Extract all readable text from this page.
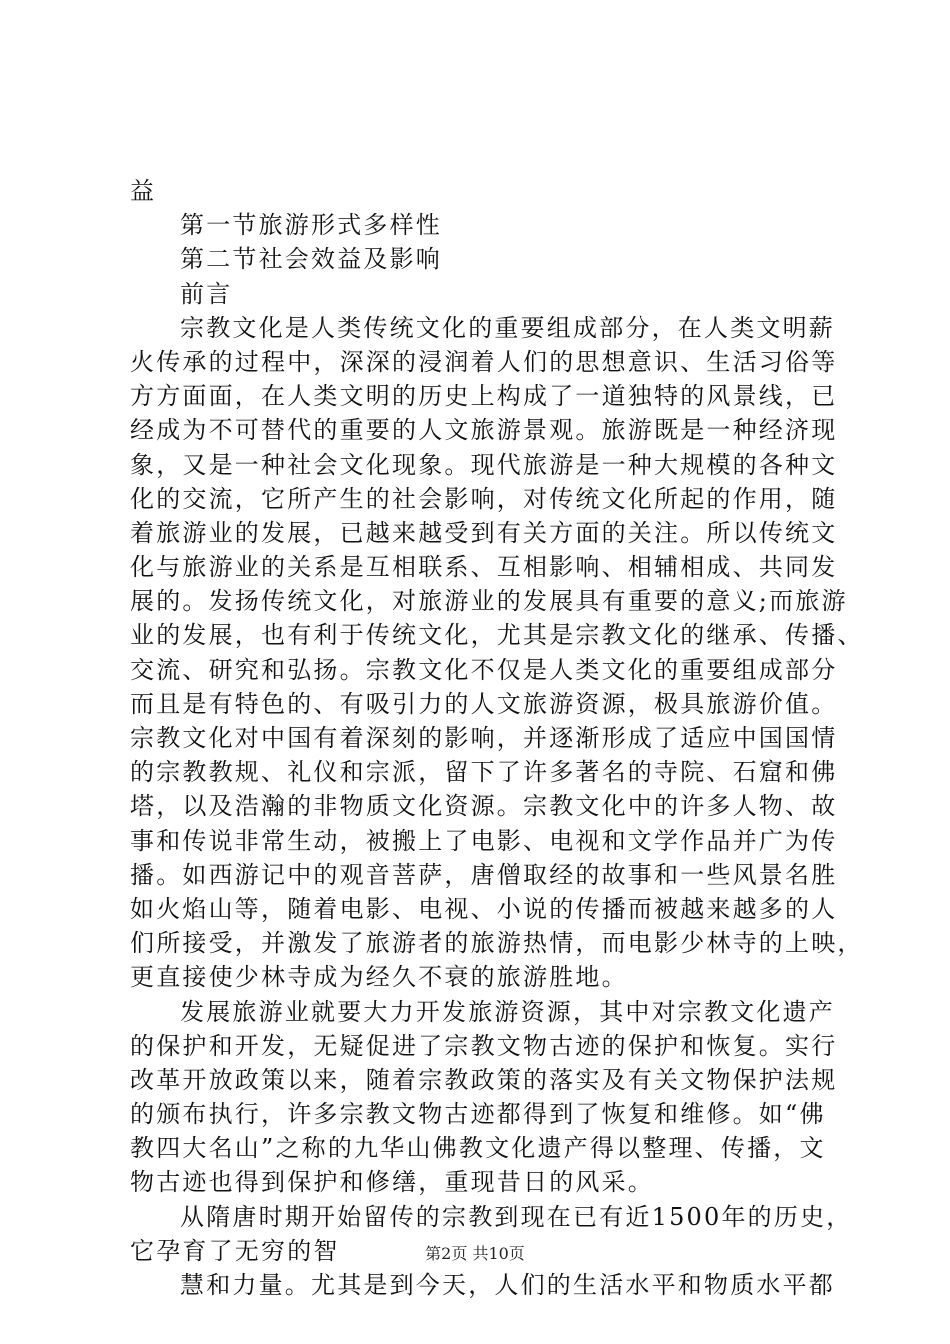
益
第一节旅游形式多样性
第二节社会效益及影响
前言
宗教文化是人类传统文化的重要组成部分，在人类文明薪
火传承的过程中，深深的浸润着人们的思想意识、生活习俗等
方方面面，在人类文明的历史上构成了一道独特的风景线，已
经成为不可替代的重要的人文旅游景观。旅游既是一种经济现
象，又是一种社会文化现象。现代旅游是一种大规模的各种文
化的交流，它所产生的社会影响，对传统文化所起的作用，随
着旅游业的发展，已越来越受到有关方面的关注。所以传统文
化与旅游业的关系是互相联系、互相影响、相辅相成、共同发
展的。发扬传统文化，对旅游业的发展具有重要的意义;而旅游
业的发展，也有利于传统文化，尤其是宗教文化的继承、传播、
交流、研究和弘扬。宗教文化不仅是人类文化的重要组成部分
而且是有特色的、有吸引力的人文旅游资源，极具旅游价值。
宗教文化对中国有着深刻的影响，并逐渐形成了适应中国国情
的宗教教规、礼仪和宗派，留下了许多著名的寺院、石窟和佛
塔，以及浩瀚的非物质文化资源。宗教文化中的许多人物、故
事和传说非常生动，被搬上了电影、电视和文学作品并广为传
播。如西游记中的观音菩萨，唐僧取经的故事和一些风景名胜
如火焰山等，随着电影、电视、小说的传播而被越来越多的人
们所接受，并激发了旅游者的旅游热情，而电影少林寺的上映，
更直接使少林寺成为经久不衰的旅游胜地。
发展旅游业就要大力开发旅游资源，其中对宗教文化遗产
的保护和开发，无疑促进了宗教文物古迹的保护和恢复。实行
改革开放政策以来，随着宗教政策的落实及有关文物保护法规
的颁布执行，许多宗教文物古迹都得到了恢复和维修。如“佛
教四大名山”之称的九华山佛教文化遗产得以整理、传播，文
物古迹也得到保护和修缮，重现昔日的风采。
从隋唐时期开始留传的宗教到现在已有近1500年的历史，
它孕育了无穷的智
慧和力量。尤其是到今天，人们的生活水平和物质水平都
第2页 共10页
